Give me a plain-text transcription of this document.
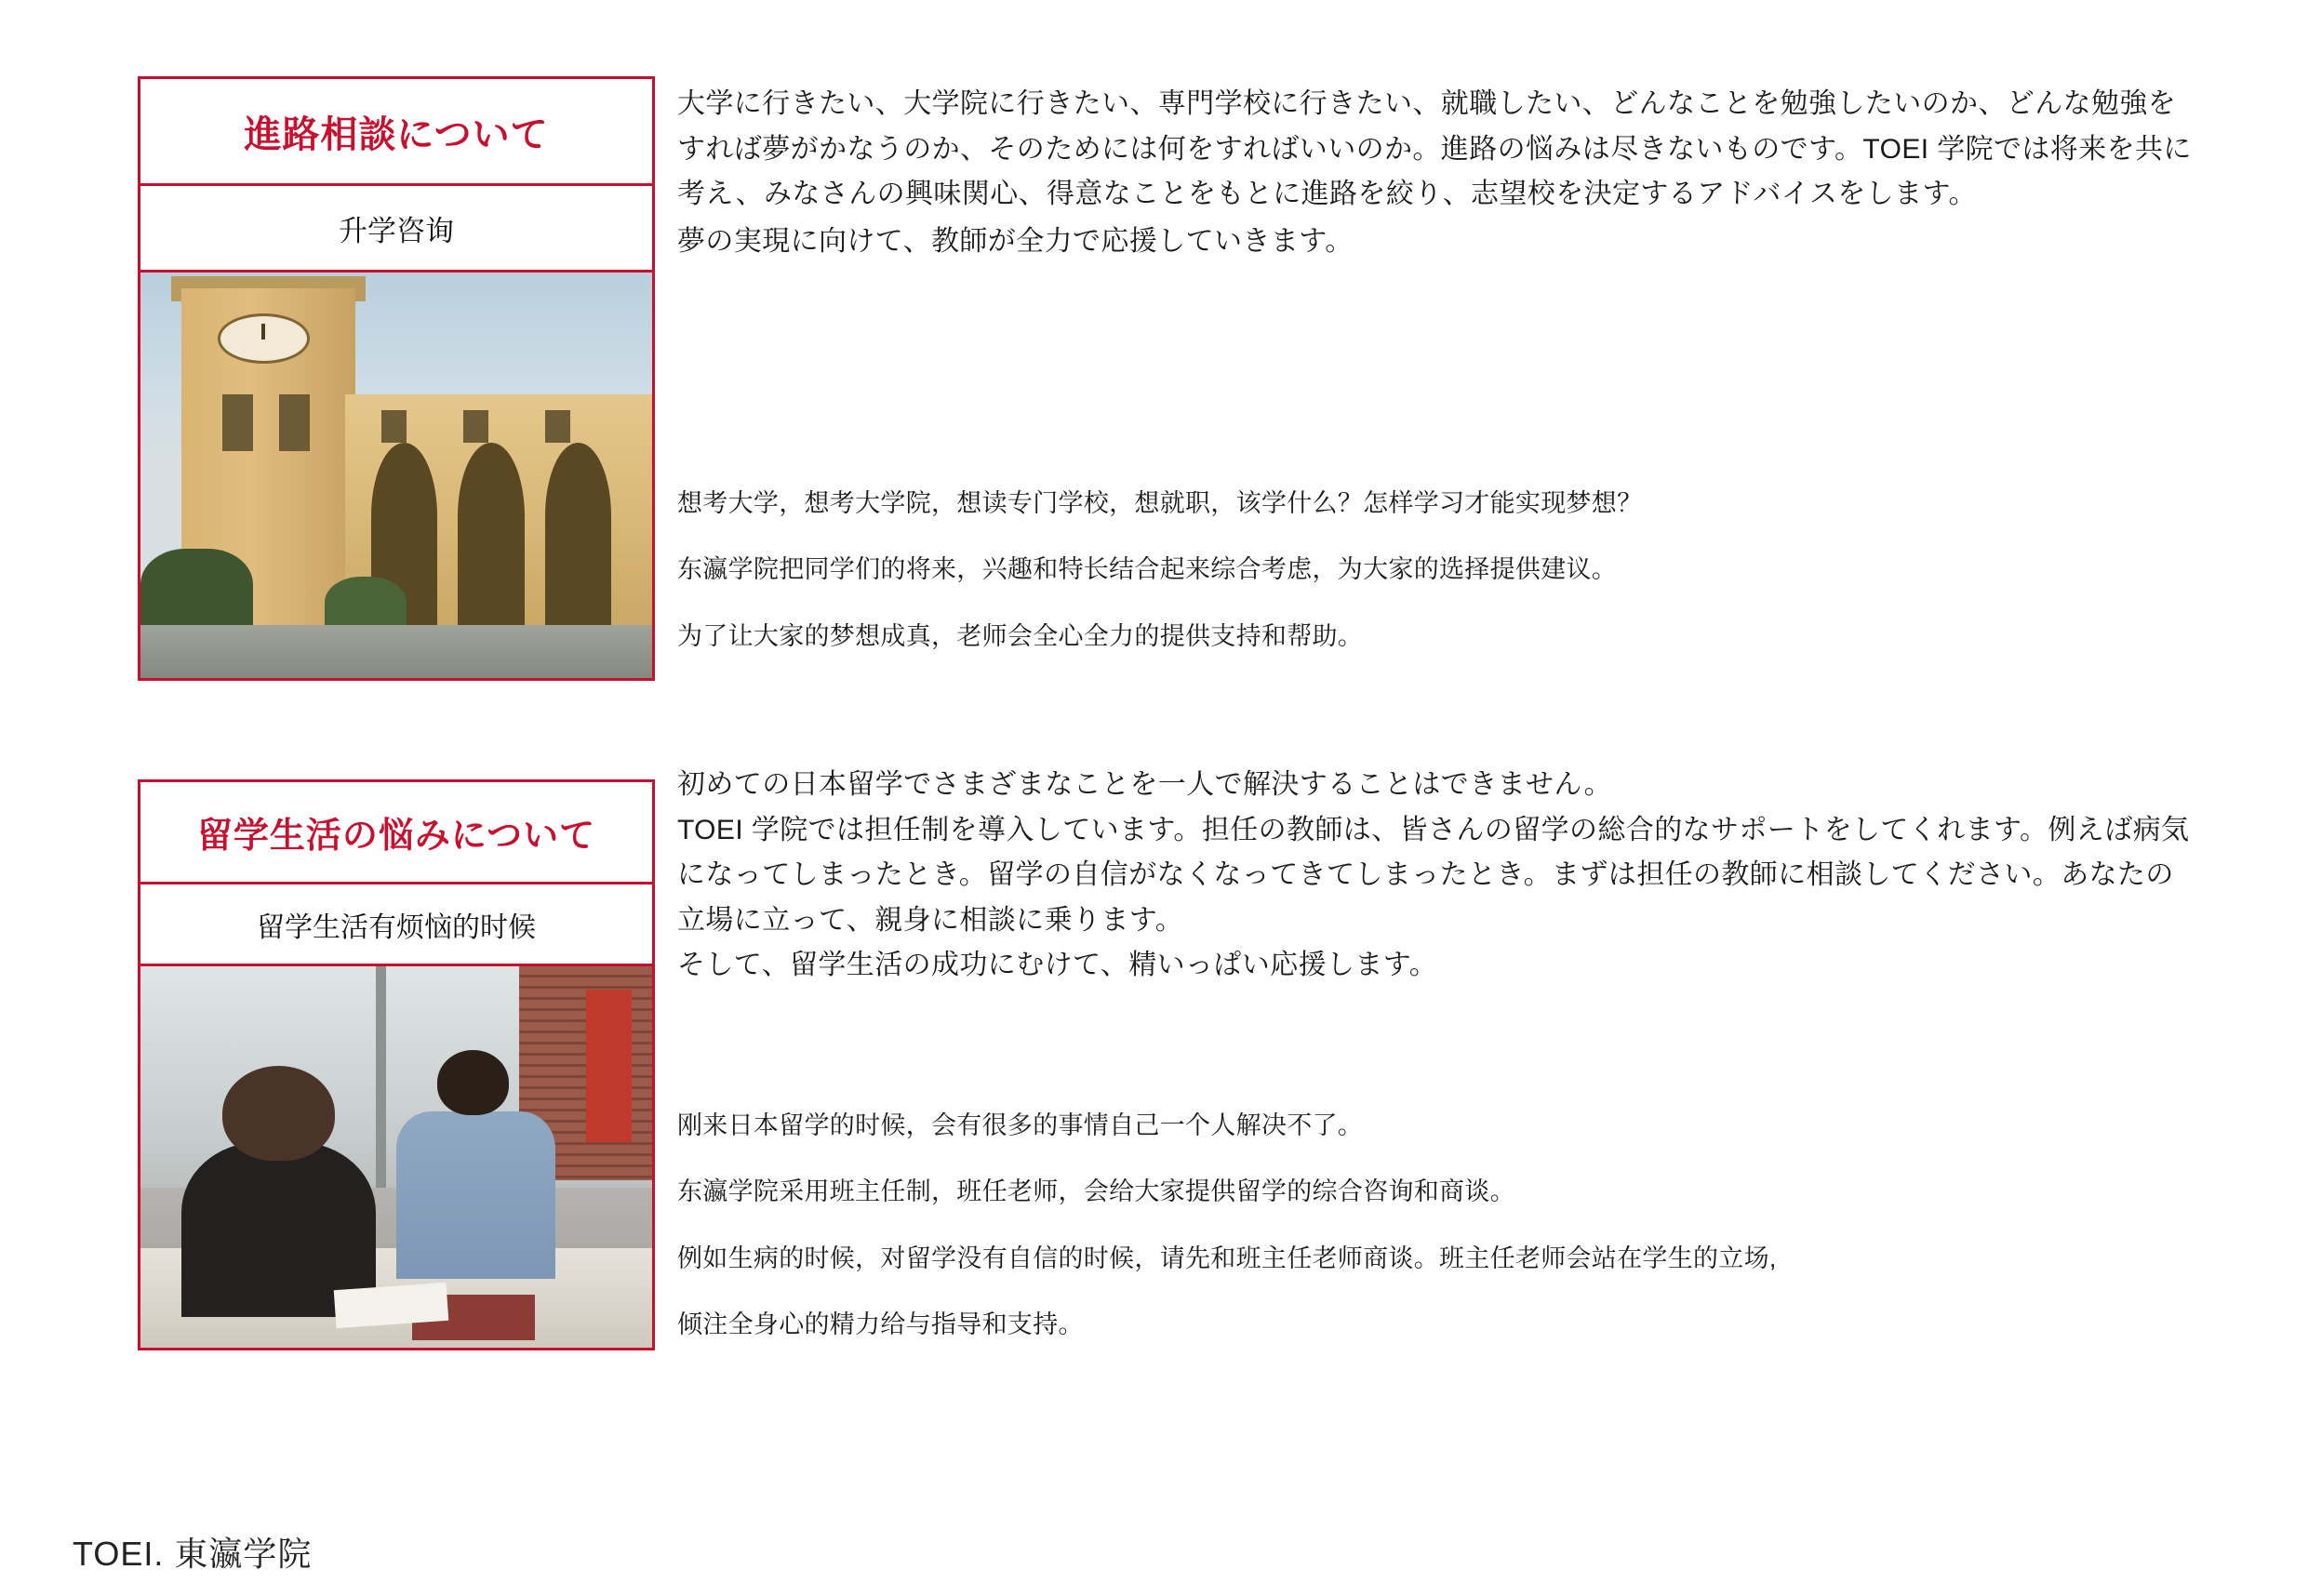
進路相談について
升学咨询

大学に行きたい、大学院に行きたい、専門学校に行きたい、就職したい、どんなことを勉強したいのか、どんな勉強をすれば夢がかなうのか、そのためには何をすればいいのか。進路の悩みは尽きないものです。TOEI 学院では将来を共に考え、みなさんの興味関心、得意なことをもとに進路を絞り、志望校を決定するアドバイスをします。

夢の実現に向けて、教師が全力で応援していきます。

想考大学，想考大学院，想读专门学校，想就职，该学什么？怎样学习才能实现梦想？

东瀛学院把同学们的将来，兴趣和特长结合起来综合考虑，为大家的选择提供建议。

为了让大家的梦想成真，老师会全心全力的提供支持和帮助。

留学生活の悩みについて
留学生活有烦恼的时候

初めての日本留学でさまざまなことを一人で解決することはできません。

TOEI 学院では担任制を導入しています。担任の教師は、皆さんの留学の総合的なサポートをしてくれます。例えば病気になってしまったとき。留学の自信がなくなってきてしまったとき。まずは担任の教師に相談してください。あなたの立場に立って、親身に相談に乗ります。

そして、留学生活の成功にむけて、精いっぱい応援します。

刚来日本留学的时候，会有很多的事情自己一个人解决不了。

东瀛学院采用班主任制，班任老师，会给大家提供留学的综合咨询和商谈。

例如生病的时候，对留学没有自信的时候，请先和班主任老师商谈。班主任老师会站在学生的立场,

倾注全身心的精力给与指导和支持。

TOEI. 東瀛学院
